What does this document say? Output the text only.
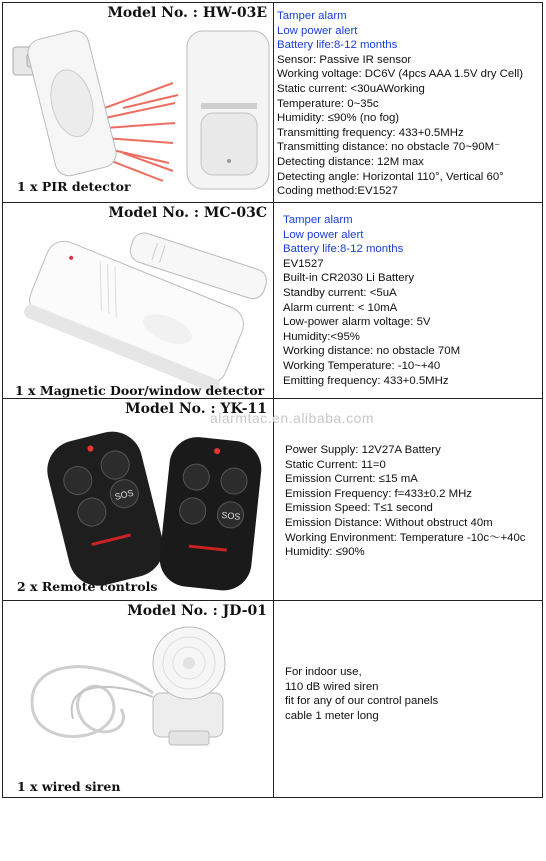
1 x PIR detector
Model No. : HW-03E Tamper alarm
Low power alert
Battery life:8-12 months
Sensor: Passive IR sensor
Working voltage: DC6V (4pcs AAA 1.5V dry Cell)
Static current: <30uAWorking
Temperature: 0~35c
Humidity: ≤90% (no fog)
Transmitting frequency: 433+0.5MHz
Transmitting distance: no obstacle 70~90M⁻
Detecting distance: 12M max
Detecting angle: Horizontal 110°, Vertical 60°
Coding method:EV1527
1 x Magnetic Door/window detector
Model No. : MC-03C Tamper alarm
Low power alert
Battery life:8-12 months
EV1527
Built-in CR2030 Li Battery
Standby current: <5uA
Alarm current: < 10mA
Low-power alarm voltage: 5V
Humidity:<95%
Working distance: no obstacle 70M
Working Temperature: -10~+40
Emitting frequency: 433+0.5MHz
SOS
SOS
2 x Remote controls
Model No. : YK-11
Power Supply: 12V27A Battery
Static Current: 11=0
Emission Current: ≤15 mA
Emission Frequency: f=433±0.2 MHz
Emission Speed: T≤1 second
Emission Distance: Without obstruct 40m
Working Environment: Temperature -10c～+40c
Humidity: ≤90%
1 x wired siren
Model No. : JD-01
For indoor use,
110 dB wired siren
fit for any of our control panels
cable 1 meter long
alarmtac.en.alibaba.com
